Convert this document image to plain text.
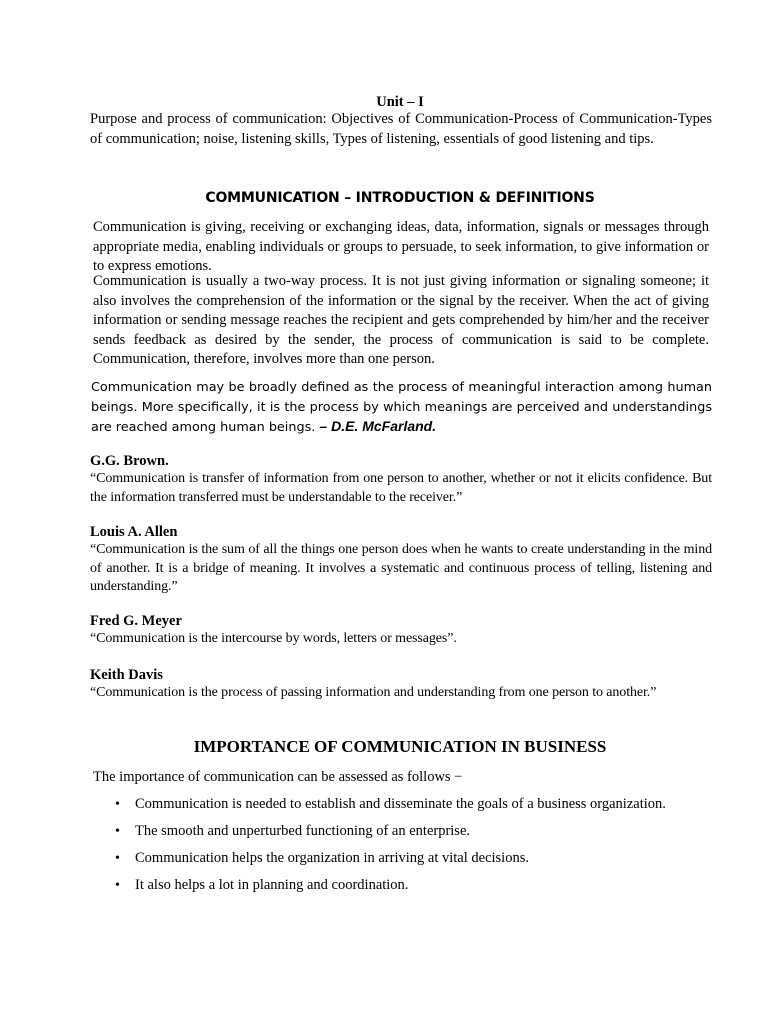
Unit – I
Purpose and process of communication: Objectives of Communication-Process of Communication-Types of communication; noise, listening skills, Types of listening, essentials of good listening and tips.
COMMUNICATION – INTRODUCTION & DEFINITIONS
Communication is giving, receiving or exchanging ideas, data, information, signals or messages through appropriate media, enabling individuals or groups to persuade, to seek information, to give information or to express emotions.
Communication is usually a two-way process. It is not just giving information or signaling someone; it also involves the comprehension of the information or the signal by the receiver. When the act of giving information or sending message reaches the recipient and gets comprehended by him/her and the receiver sends feedback as desired by the sender, the process of communication is said to be complete. Communication, therefore, involves more than one person.
Communication may be broadly defined as the process of meaningful interaction among human beings. More specifically, it is the process by which meanings are perceived and understandings are reached among human beings. – D.E. McFarland.
G.G. Brown.
“Communication is transfer of information from one person to another, whether or not it elicits confidence. But the information transferred must be understandable to the receiver.”
Louis A. Allen
“Communication is the sum of all the things one person does when he wants to create understanding in the mind of another. It is a bridge of meaning. It involves a systematic and continuous process of telling, listening and understanding.”
Fred G. Meyer
“Communication is the intercourse by words, letters or messages”.
Keith Davis
“Communication is the process of passing information and understanding from one person to another.”
IMPORTANCE OF COMMUNICATION IN BUSINESS
The importance of communication can be assessed as follows −
• Communication is needed to establish and disseminate the goals of a business organization.
• The smooth and unperturbed functioning of an enterprise.
• Communication helps the organization in arriving at vital decisions.
• It also helps a lot in planning and coordination.
